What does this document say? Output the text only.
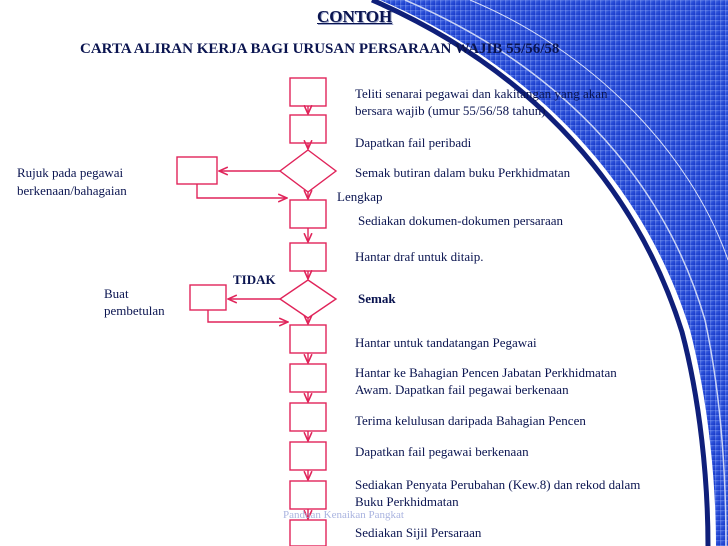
CONTOH
CARTA ALIRAN KERJA BAGI URUSAN PERSARAAN WAJIB 55/56/58
Teliti senarai pegawai dan kakitangan yang akan
bersara wajib (umur 55/56/58 tahun)
Dapatkan fail peribadi
Semak butiran dalam buku Perkhidmatan
Lengkap
Sediakan dokumen-dokumen persaraan
Hantar draf untuk ditaip.
Semak
Hantar untuk tandatangan Pegawai
Hantar ke Bahagian Pencen Jabatan Perkhidmatan
Awam. Dapatkan fail pegawai berkenaan
Terima kelulusan daripada Bahagian Pencen
Dapatkan fail pegawai berkenaan
Sediakan Penyata Perubahan (Kew.8) dan rekod dalam
Buku Perkhidmatan
Sediakan Sijil Persaraan
Rujuk pada pegawai
berkenaan/bahagaian
Buat
pembetulan
TIDAK
Panduan Kenaikan Pangkat
